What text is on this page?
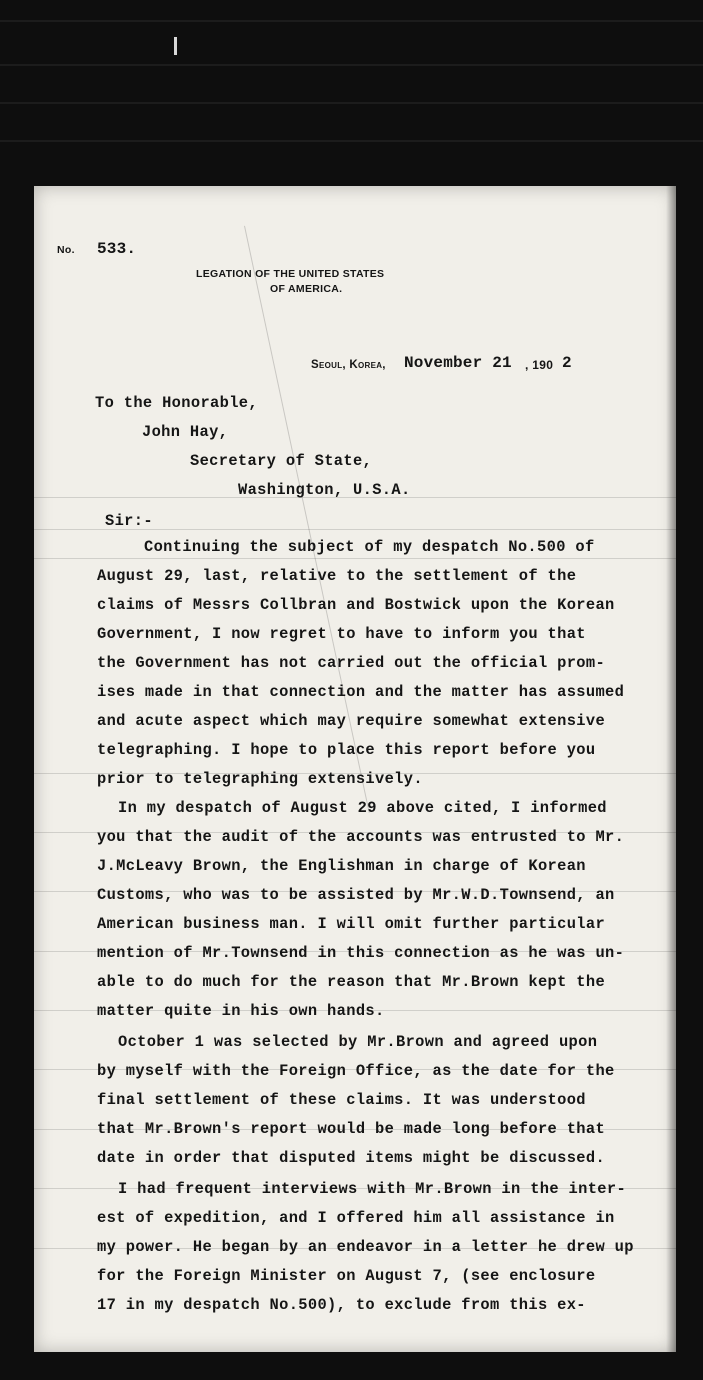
No. 533.
LEGATION OF THE UNITED STATES
OF AMERICA.
Seoul, Korea, November 21 , 190 2
To the Honorable,
John Hay,
Secretary of State,
Washington, U.S.A.
Sir:-
Continuing the subject of my despatch No.500 of
August 29, last, relative to the settlement of the
claims of Messrs Collbran and Bostwick upon the Korean
Government, I now regret to have to inform you that
the Government has not carried out the official prom-
ises made in that connection and the matter has assumed
and acute aspect which may require somewhat extensive
telegraphing. I hope to place this report before you
prior to telegraphing extensively.
In my despatch of August 29 above cited, I informed
you that the audit of the accounts was entrusted to Mr.
J.McLeavy Brown, the Englishman in charge of Korean
Customs, who was to be assisted by Mr.W.D.Townsend, an
American business man. I will omit further particular
mention of Mr.Townsend in this connection as he was un-
able to do much for the reason that Mr.Brown kept the
matter quite in his own hands.
October 1 was selected by Mr.Brown and agreed upon
by myself with the Foreign Office, as the date for the
final settlement of these claims. It was understood
that Mr.Brown's report would be made long before that
date in order that disputed items might be discussed.
I had frequent interviews with Mr.Brown in the inter-
est of expedition, and I offered him all assistance in
my power. He began by an endeavor in a letter he drew up
for the Foreign Minister on August 7, (see enclosure
17 in my despatch No.500), to exclude from this ex-
